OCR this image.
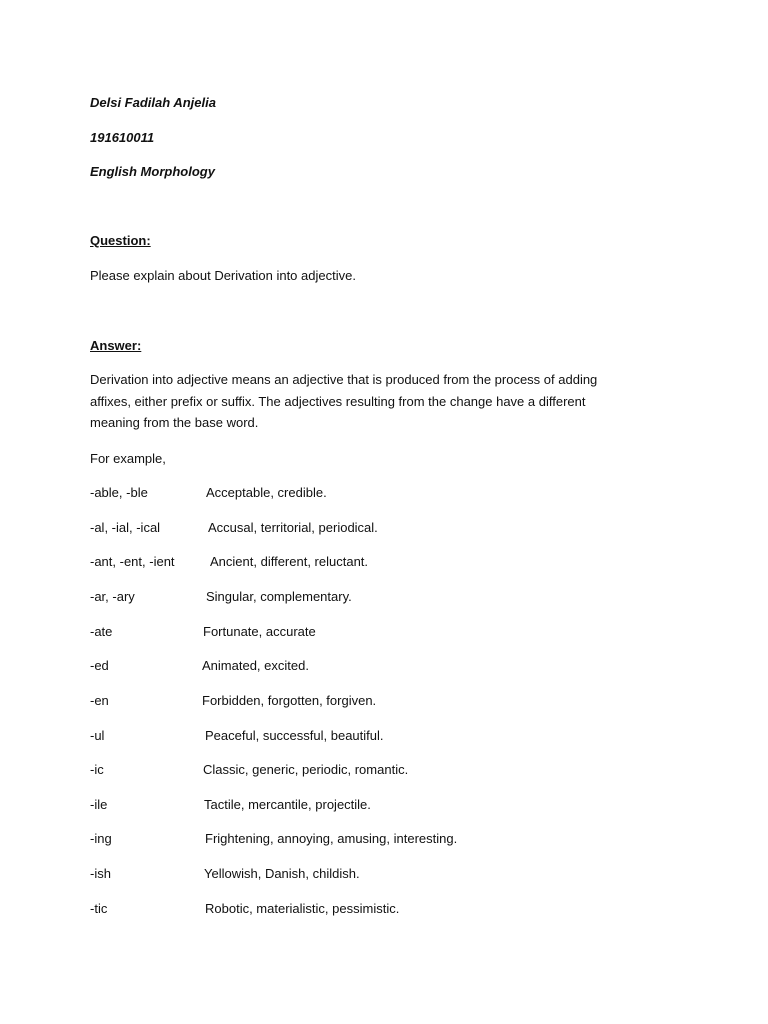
Delsi Fadilah Anjelia
191610011
English Morphology
Question:
Please explain about Derivation into adjective.
Answer:
Derivation into adjective means an adjective that is produced from the process of adding
affixes, either prefix or suffix. The adjectives resulting from the change have a different
meaning from the base word.
For example,
-able, -ble	Acceptable, credible.
-al, -ial, -ical	Accusal, territorial, periodical.
-ant, -ent, -ient	Ancient, different, reluctant.
-ar, -ary	Singular, complementary.
-ate	Fortunate, accurate
-ed	Animated, excited.
-en	Forbidden, forgotten, forgiven.
-ul	Peaceful, successful, beautiful.
-ic	Classic, generic, periodic, romantic.
-ile	Tactile, mercantile, projectile.
-ing	Frightening, annoying, amusing, interesting.
-ish	Yellowish, Danish, childish.
-tic	Robotic, materialistic, pessimistic.
